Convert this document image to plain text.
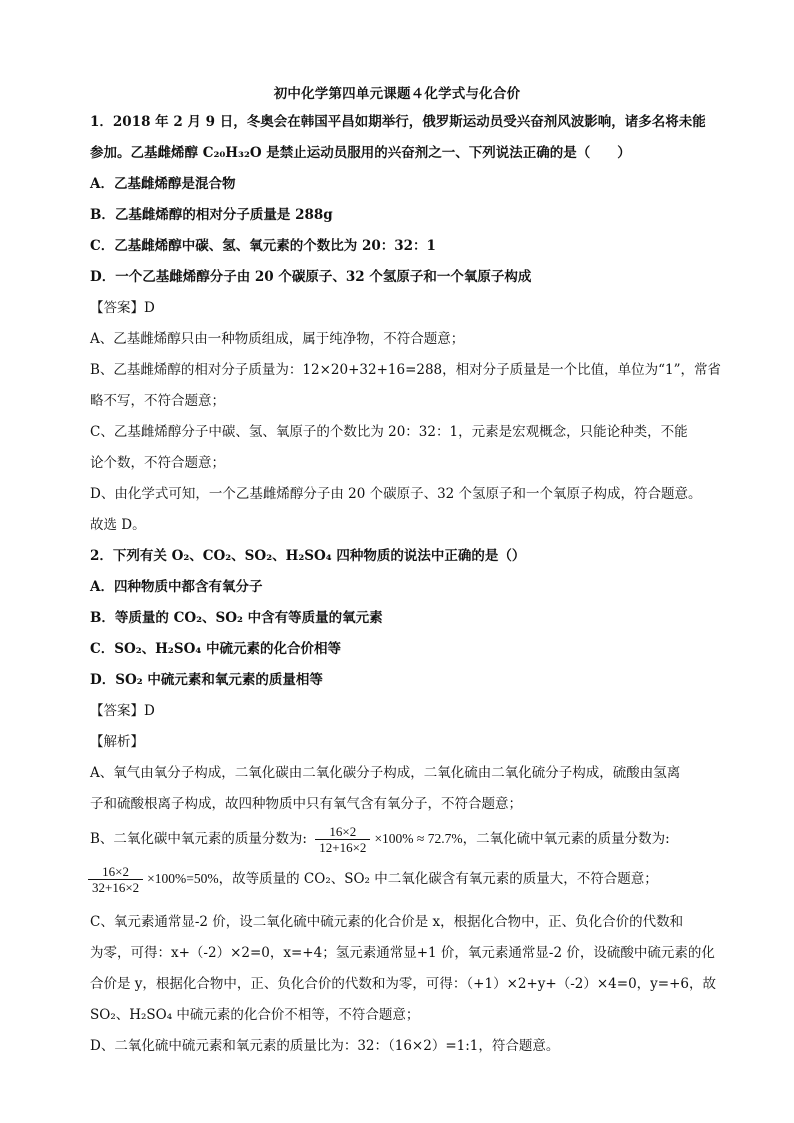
初中化学第四单元课题４化学式与化合价
1．2018 年 2 月 9 日，冬奥会在韩国平昌如期举行，俄罗斯运动员受兴奋剂风波影响，诸多名将未能
参加。乙基雌烯醇 C₂₀H₃₂O 是禁止运动员服用的兴奋剂之一、下列说法正确的是（　　）
A．乙基雌烯醇是混合物
B．乙基雌烯醇的相对分子质量是 288g
C．乙基雌烯醇中碳、氢、氧元素的个数比为 20：32：1
D．一个乙基雌烯醇分子由 20 个碳原子、32 个氢原子和一个氧原子构成
【答案】D
A、乙基雌烯醇只由一种物质组成，属于纯净物，不符合题意；
B、乙基雌烯醇的相对分子质量为：12×20+32+16=288，相对分子质量是一个比值，单位为“1”，常省
略不写，不符合题意；
C、乙基雌烯醇分子中碳、氢、氧原子的个数比为 20：32：1，元素是宏观概念，只能论种类，不能
论个数，不符合题意；
D、由化学式可知，一个乙基雌烯醇分子由 20 个碳原子、32 个氢原子和一个氧原子构成，符合题意。
故选 D。
2．下列有关 O₂、CO₂、SO₂、H₂SO₄ 四种物质的说法中正确的是（）
A．四种物质中都含有氧分子
B．等质量的 CO₂、SO₂ 中含有等质量的氧元素
C．SO₂、H₂SO₄ 中硫元素的化合价相等
D．SO₂ 中硫元素和氧元素的质量相等
【答案】D
【解析】
A、氧气由氧分子构成，二氧化碳由二氧化碳分子构成，二氧化硫由二氧化硫分子构成，硫酸由氢离
子和硫酸根离子构成，故四种物质中只有氧气含有氧分子，不符合题意；
B、二氧化碳中氧元素的质量分数为: $\frac{16\times 2}{12+16\times 2} \times 100\% \approx 72.7\%$，二氧化硫中氧元素的质量分数为:
$\frac{16\times 2}{32+16\times 2} \times 100\%=50\%$，故等质量的 CO₂、SO₂ 中二氧化碳含有氧元素的质量大，不符合题意；
C、氧元素通常显-2 价，设二氧化硫中硫元素的化合价是 x，根据化合物中，正、负化合价的代数和
为零，可得：x+（-2）×2=0，x=+4；氢元素通常显+1 价，氧元素通常显-2 价，设硫酸中硫元素的化
合价是 y，根据化合物中，正、负化合价的代数和为零，可得：（+1）×2+y+（-2）×4=0，y=+6，故
SO₂、H₂SO₄ 中硫元素的化合价不相等，不符合题意；
D、二氧化硫中硫元素和氧元素的质量比为：32：（16×2）=1:1，符合题意。
